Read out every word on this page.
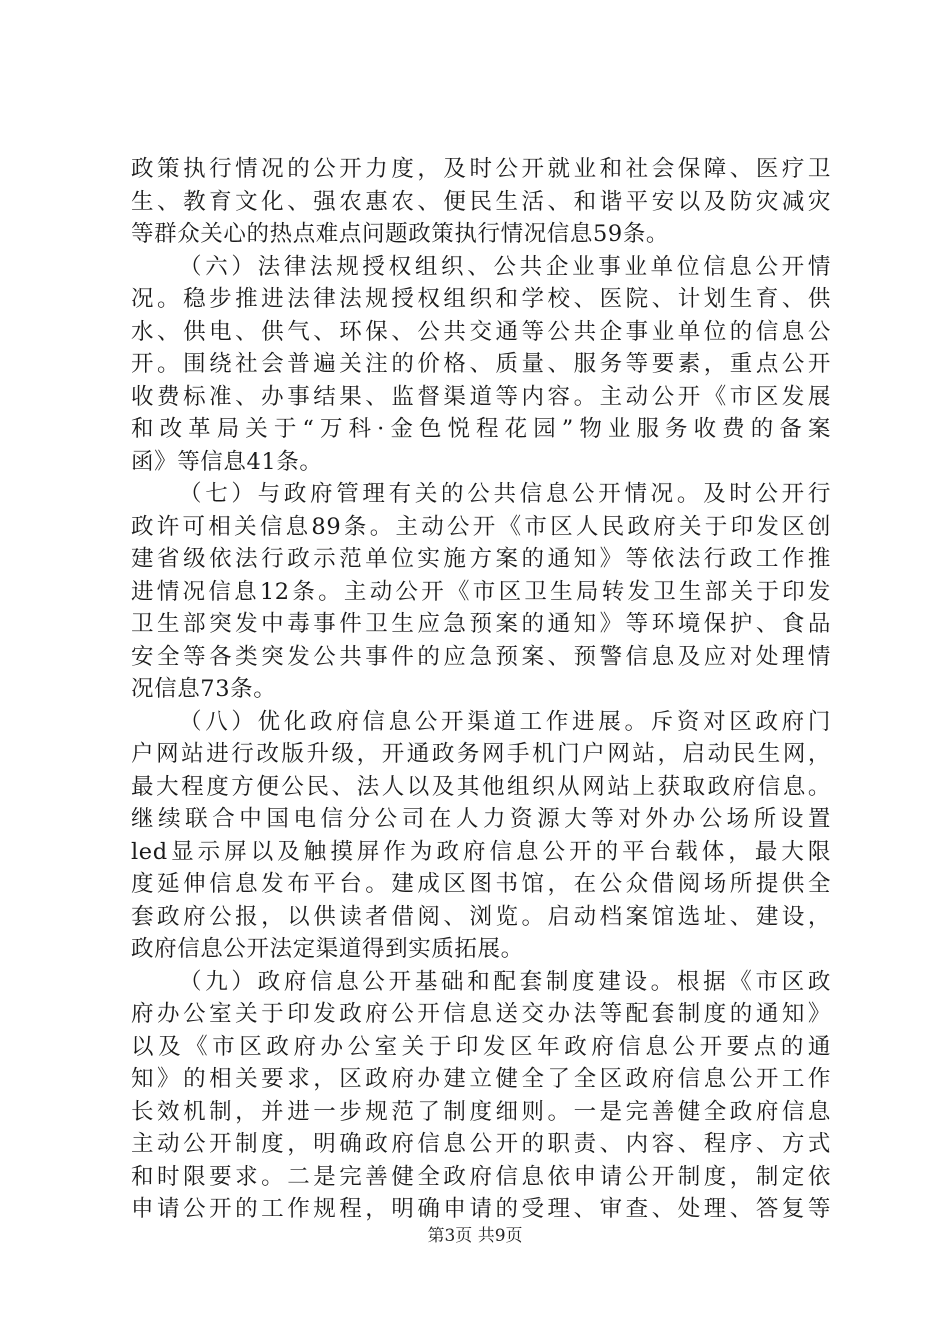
政策执行情况的公开力度，及时公开就业和社会保障、医疗卫
生、教育文化、强农惠农、便民生活、和谐平安以及防灾减灾
等群众关心的热点难点问题政策执行情况信息59条。
（六）法律法规授权组织、公共企业事业单位信息公开情
况。稳步推进法律法规授权组织和学校、医院、计划生育、供
水、供电、供气、环保、公共交通等公共企事业单位的信息公
开。围绕社会普遍关注的价格、质量、服务等要素，重点公开
收费标准、办事结果、监督渠道等内容。主动公开《市区发展
和改革局关于“万科·金色悦程花园”物业服务收费的备案
函》等信息41条。
（七）与政府管理有关的公共信息公开情况。及时公开行
政许可相关信息89条。主动公开《市区人民政府关于印发区创
建省级依法行政示范单位实施方案的通知》等依法行政工作推
进情况信息12条。主动公开《市区卫生局转发卫生部关于印发
卫生部突发中毒事件卫生应急预案的通知》等环境保护、食品
安全等各类突发公共事件的应急预案、预警信息及应对处理情
况信息73条。
（八）优化政府信息公开渠道工作进展。斥资对区政府门
户网站进行改版升级，开通政务网手机门户网站，启动民生网，
最大程度方便公民、法人以及其他组织从网站上获取政府信息。
继续联合中国电信分公司在人力资源大等对外办公场所设置
led显示屏以及触摸屏作为政府信息公开的平台载体，最大限
度延伸信息发布平台。建成区图书馆，在公众借阅场所提供全
套政府公报，以供读者借阅、浏览。启动档案馆选址、建设，
政府信息公开法定渠道得到实质拓展。
（九）政府信息公开基础和配套制度建设。根据《市区政
府办公室关于印发政府公开信息送交办法等配套制度的通知》
以及《市区政府办公室关于印发区年政府信息公开要点的通
知》的相关要求，区政府办建立健全了全区政府信息公开工作
长效机制，并进一步规范了制度细则。一是完善健全政府信息
主动公开制度，明确政府信息公开的职责、内容、程序、方式
和时限要求。二是完善健全政府信息依申请公开制度，制定依
申请公开的工作规程，明确申请的受理、审查、处理、答复等
第3页 共9页
